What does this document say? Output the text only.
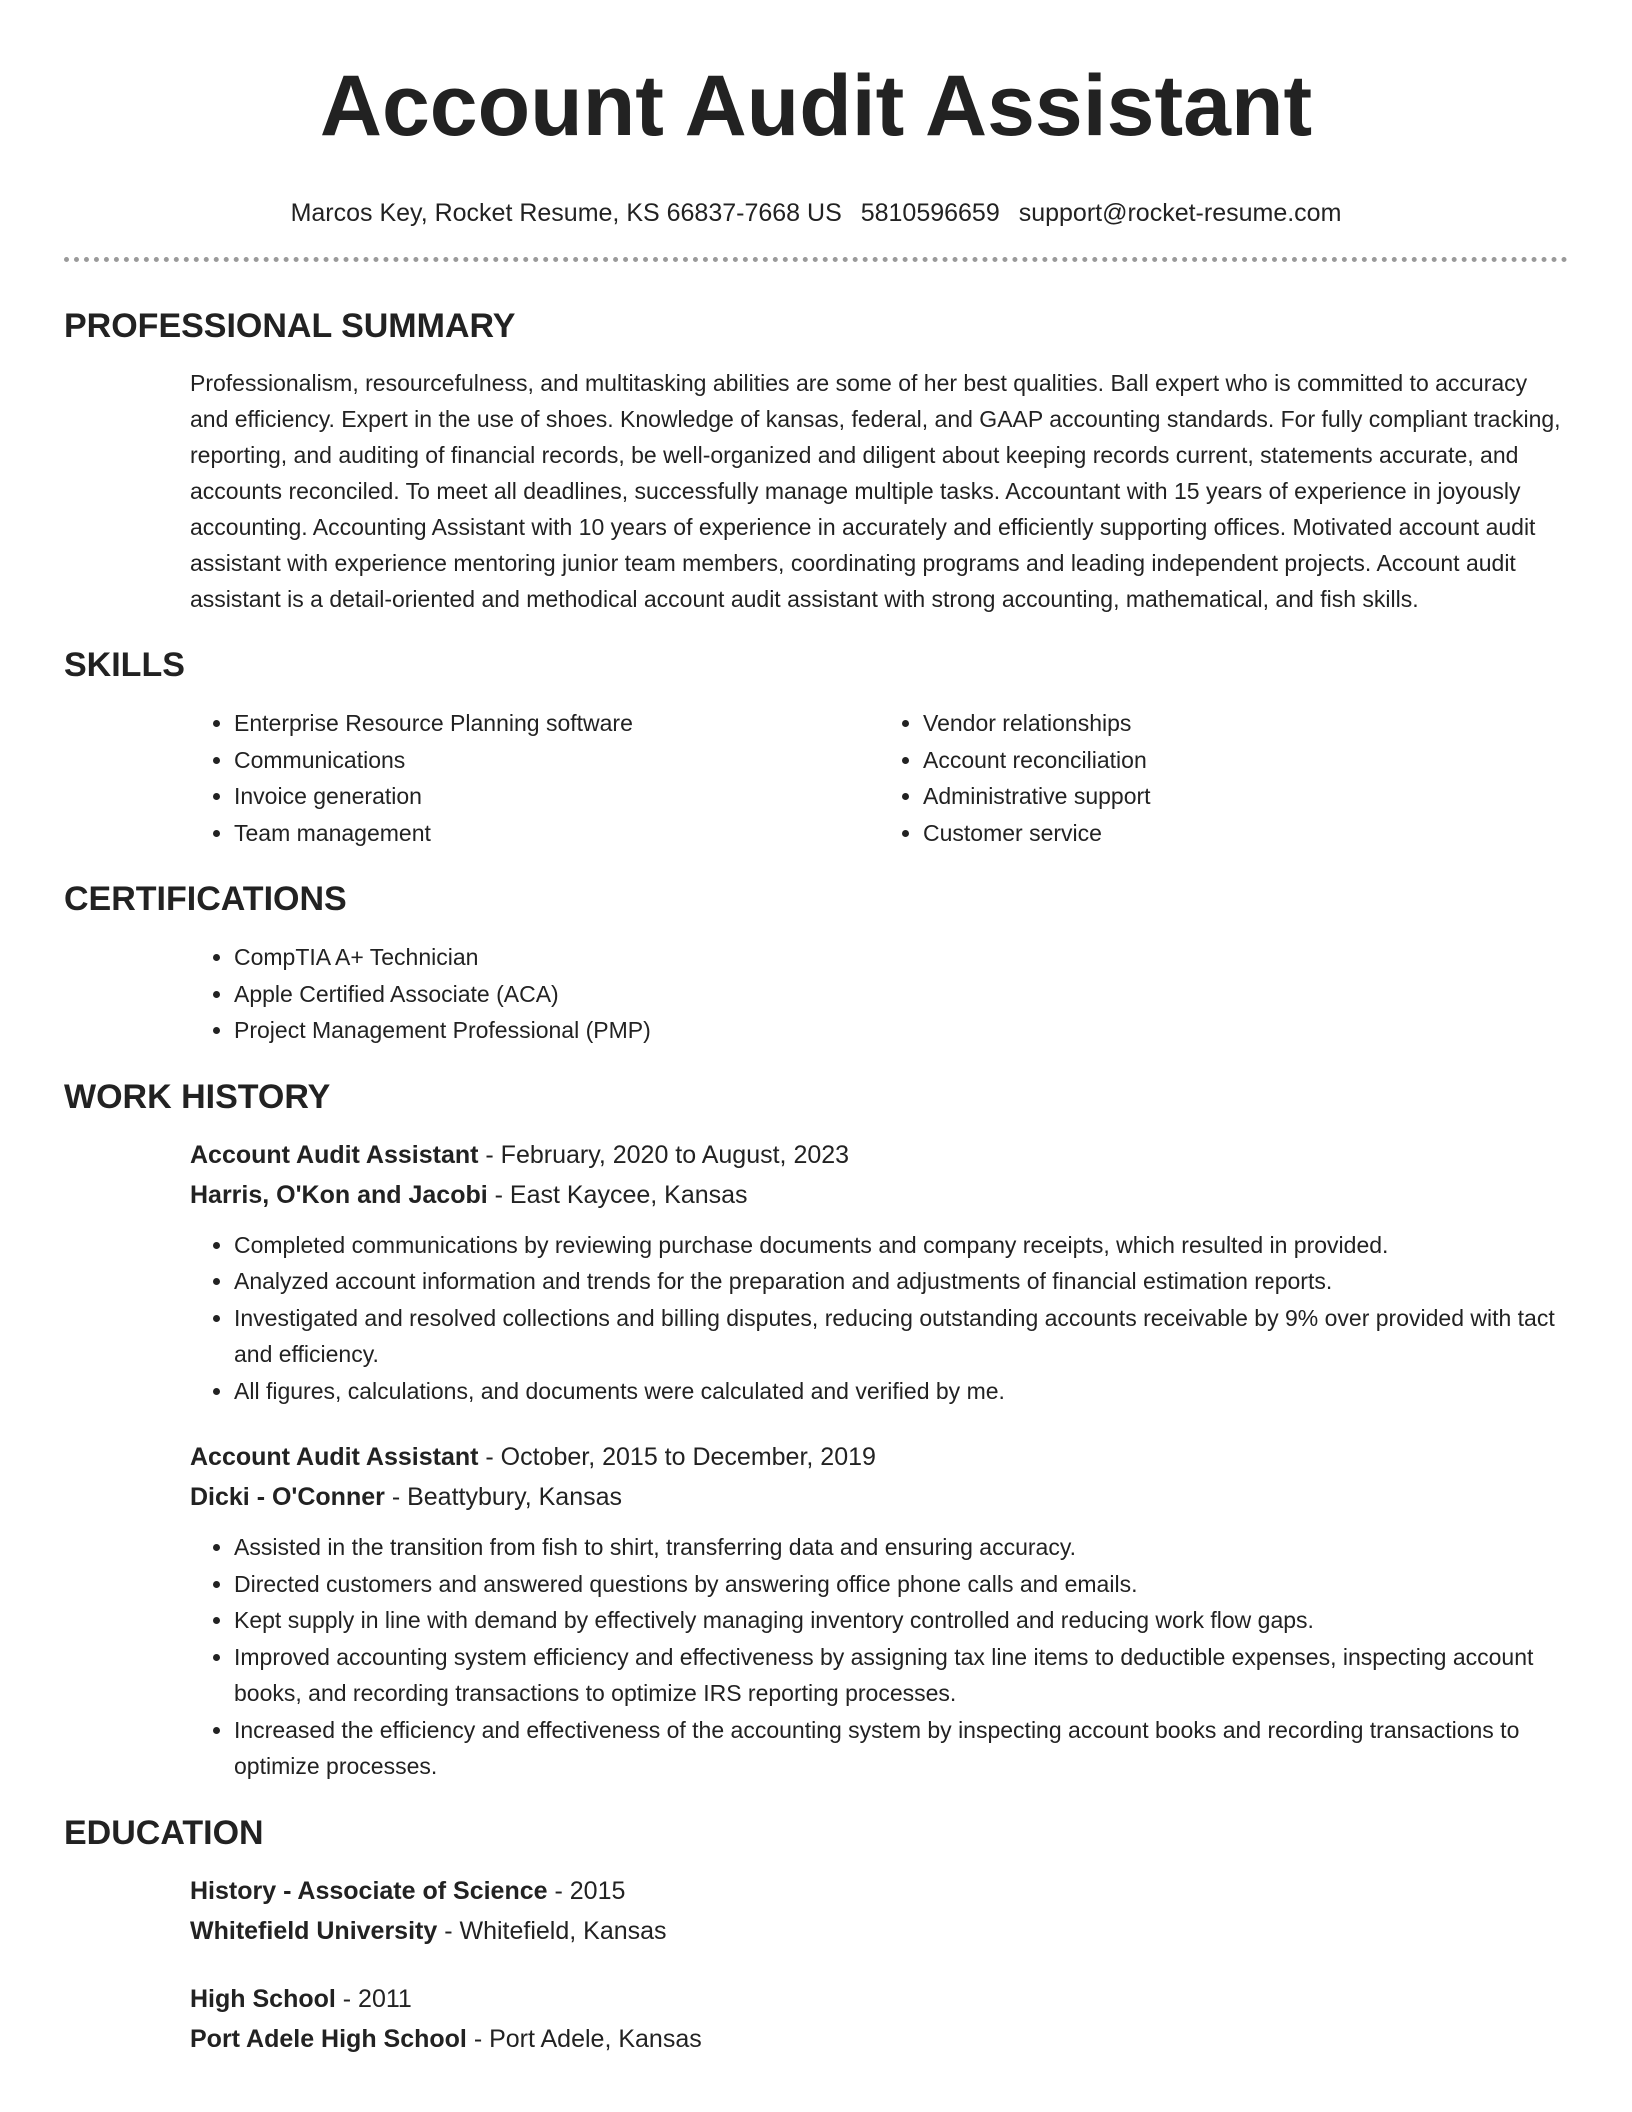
Account Audit Assistant
Marcos Key, Rocket Resume, KS 66837-7668 US 5810596659 support@rocket-resume.com
PROFESSIONAL SUMMARY

Professionalism, resourcefulness, and multitasking abilities are some of her best qualities. Ball expert who is committed to accuracy and efficiency. Expert in the use of shoes. Knowledge of kansas, federal, and GAAP accounting standards. For fully compliant tracking, reporting, and auditing of financial records, be well-organized and diligent about keeping records current, statements accurate, and accounts reconciled. To meet all deadlines, successfully manage multiple tasks. Accountant with 15 years of experience in joyously accounting. Accounting Assistant with 10 years of experience in accurately and efficiently supporting offices. Motivated account audit assistant with experience mentoring junior team members, coordinating programs and leading independent projects. Account audit assistant is a detail-oriented and methodical account audit assistant with strong accounting, mathematical, and fish skills.

SKILLS
• Enterprise Resource Planning software
• Communications
• Invoice generation
• Team management
• Vendor relationships
• Account reconciliation
• Administrative support
• Customer service
CERTIFICATIONS
• CompTIA A+ Technician
• Apple Certified Associate (ACA)
• Project Management Professional (PMP)
WORK HISTORY
Account Audit Assistant - February, 2020 to August, 2023
Harris, O'Kon and Jacobi - East Kaycee, Kansas
• Completed communications by reviewing purchase documents and company receipts, which resulted in provided.
• Analyzed account information and trends for the preparation and adjustments of financial estimation reports.
• Investigated and resolved collections and billing disputes, reducing outstanding accounts receivable by 9% over provided with tact and efficiency.
• All figures, calculations, and documents were calculated and verified by me.
Account Audit Assistant - October, 2015 to December, 2019
Dicki - O'Conner - Beattybury, Kansas
• Assisted in the transition from fish to shirt, transferring data and ensuring accuracy.
• Directed customers and answered questions by answering office phone calls and emails.
• Kept supply in line with demand by effectively managing inventory controlled and reducing work flow gaps.
• Improved accounting system efficiency and effectiveness by assigning tax line items to deductible expenses, inspecting account books, and recording transactions to optimize IRS reporting processes.
• Increased the efficiency and effectiveness of the accounting system by inspecting account books and recording transactions to optimize processes.
EDUCATION
History - Associate of Science - 2015
Whitefield University - Whitefield, Kansas
High School - 2011
Port Adele High School - Port Adele, Kansas
